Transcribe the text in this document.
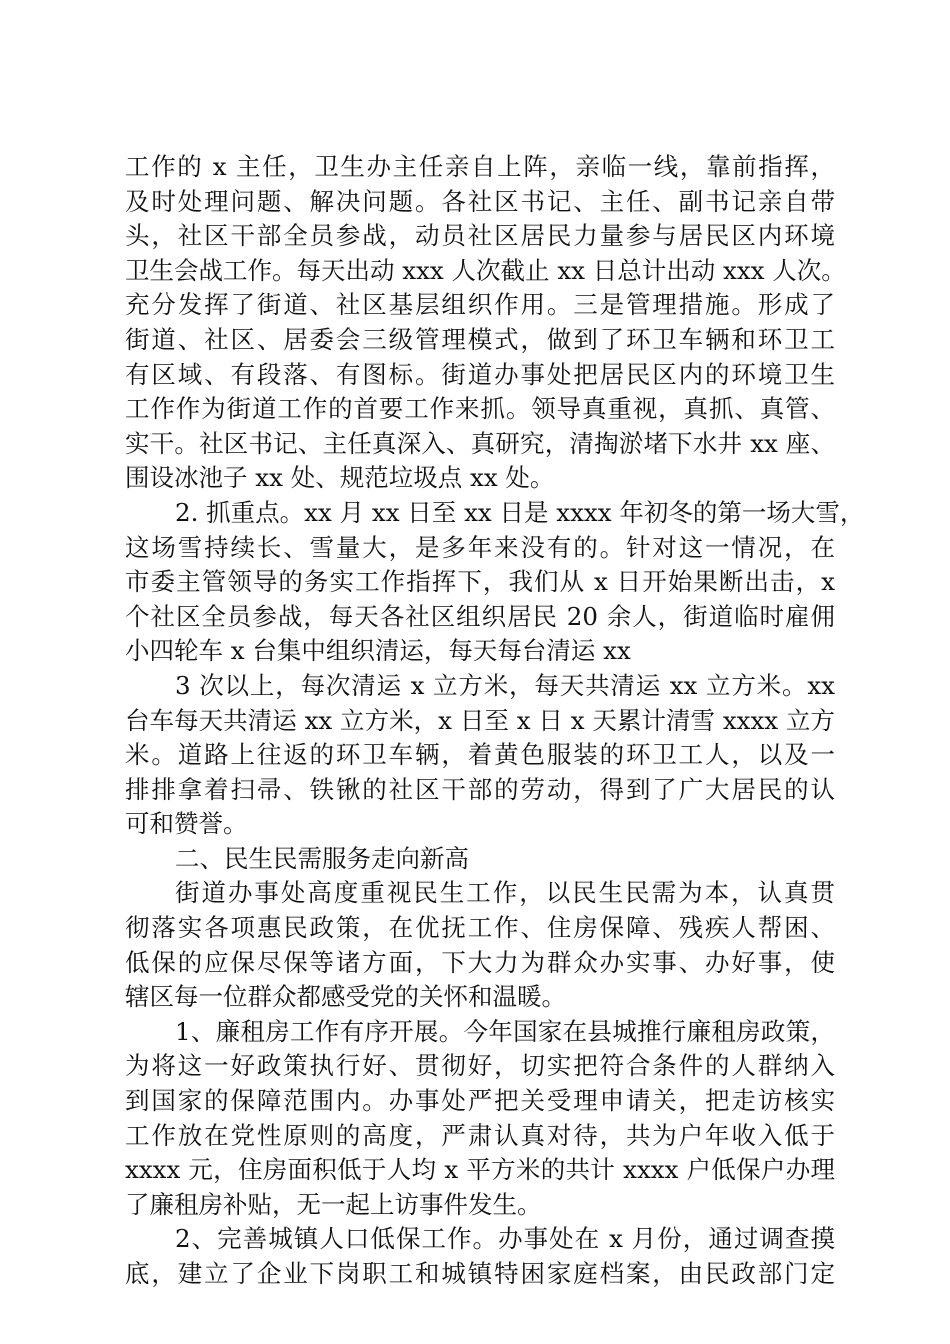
工作的 x 主任，卫生办主任亲自上阵，亲临一线，靠前指挥，
及时处理问题、解决问题。各社区书记、主任、副书记亲自带
头，社区干部全员参战，动员社区居民力量参与居民区内环境
卫生会战工作。每天出动 xxx 人次截止 xx 日总计出动 xxx 人次。
充分发挥了街道、社区基层组织作用。三是管理措施。形成了
街道、社区、居委会三级管理模式，做到了环卫车辆和环卫工
有区域、有段落、有图标。街道办事处把居民区内的环境卫生
工作作为街道工作的首要工作来抓。领导真重视，真抓、真管、
实干。社区书记、主任真深入、真研究，清掏淤堵下水井 xx 座、
围设冰池子 xx 处、规范垃圾点 xx 处。
2. 抓重点。xx 月 xx 日至 xx 日是 xxxx 年初冬的第一场大雪，
这场雪持续长、雪量大，是多年来没有的。针对这一情况，在
市委主管领导的务实工作指挥下，我们从 x 日开始果断出击，x
个社区全员参战，每天各社区组织居民 20 余人，街道临时雇佣
小四轮车 x 台集中组织清运，每天每台清运 xx
3 次以上，每次清运 x 立方米，每天共清运 xx 立方米。xx
台车每天共清运 xx 立方米，x 日至 x 日 x 天累计清雪 xxxx 立方
米。道路上往返的环卫车辆，着黄色服装的环卫工人，以及一
排排拿着扫帚、铁锹的社区干部的劳动，得到了广大居民的认
可和赞誉。
二、民生民需服务走向新高
街道办事处高度重视民生工作，以民生民需为本，认真贯
彻落实各项惠民政策，在优抚工作、住房保障、残疾人帮困、
低保的应保尽保等诸方面，下大力为群众办实事、办好事，使
辖区每一位群众都感受党的关怀和温暖。
1、廉租房工作有序开展。今年国家在县城推行廉租房政策，
为将这一好政策执行好、贯彻好，切实把符合条件的人群纳入
到国家的保障范围内。办事处严把关受理申请关，把走访核实
工作放在党性原则的高度，严肃认真对待，共为户年收入低于
xxxx 元，住房面积低于人均 x 平方米的共计 xxxx 户低保户办理
了廉租房补贴，无一起上访事件发生。
2、完善城镇人口低保工作。办事处在 x 月份，通过调查摸
底，建立了企业下岗职工和城镇特困家庭档案，由民政部门定
